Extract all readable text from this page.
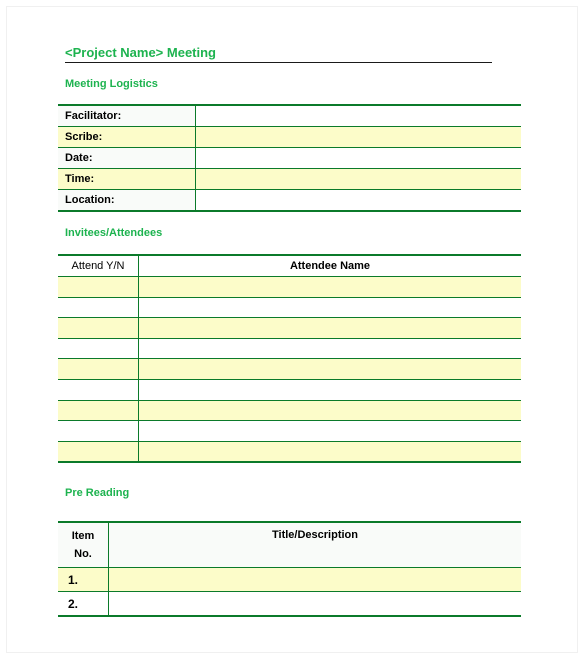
<Project Name> Meeting
Meeting Logistics
Facilitator:	
Scribe:	
Date:	
Time:	
Location:	
Invitees/Attendees
Attend Y/N	Attendee Name

Pre Reading
Item
No.	Title/Description
1.	
2.	
